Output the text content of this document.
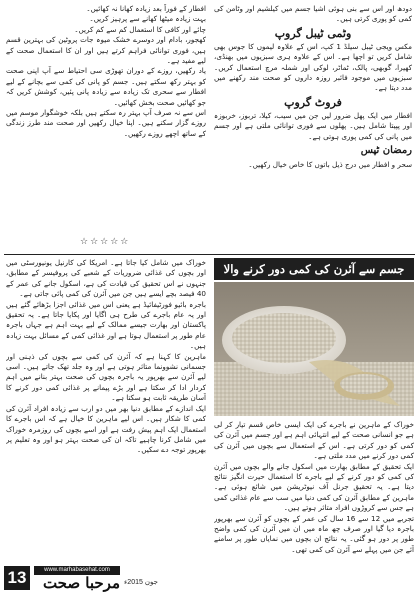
دودھ اور اس سے بنی ہوئی اشیا جسم میں کیلشیم اور وٹامن کی کمی کو پوری کرتی ہیں۔

وٹمی ٹیبل گروپ

مکس ویجی ٹیبل سیلڈ 1 کپ، اس کے علاوہ لیموں کا جوس بھی شامل کریں تو اچھا ہے۔ اس کے علاوہ ہری سبزیوں میں بھنڈی، کھیرا، گوبھی، پالک، ٹماٹر، لوکی اور شملہ مرچ استعمال کریں۔ سبزیوں میں موجود فائبر روزہ داروں کو صحت مند رکھنے میں مدد دیتا ہے۔

فروٹ گروپ

افطار میں ایک پھل ضرور لیں جن میں سیب، کیلا، تربوز، خربوزہ اور پپیتا شامل ہیں۔ پھلوں سے فوری توانائی ملتی ہے اور جسم میں پانی کی کمی پوری ہوتی ہے۔

رمضان ٹپس

سحر و افطار میں درج ذیل باتوں کا خاص خیال رکھیں۔

افطار کے فوراً بعد زیادہ کھانا نہ کھائیں۔

بہت زیادہ میٹھا کھانے سے پرہیز کریں۔

چائے اور کافی کا استعمال کم سے کم کریں۔

کھجور، بادام اور دوسرے خشک میوہ جات پروٹین کی بہترین قسم ہیں، فوری توانائی فراہم کرتے ہیں اور ان کا استعمال صحت کے لیے مفید ہے۔

یاد رکھیں، روزے کے دوران تھوڑی سی احتیاط سے آپ اپنی صحت کو بہتر رکھ سکتے ہیں۔ جسم کو پانی کی کمی سے بچانے کے لیے افطار سے سحری تک زیادہ سے زیادہ پانی پئیں، کوشش کریں کہ جو کھائیں صحت بخش کھائیں۔

اس سے نہ صرف آپ بہتر رہ سکتے ہیں بلکہ خوشگوار موسم میں روزے گزار سکتے ہیں۔ اپنا خیال رکھیں اور صحت مند طرز زندگی کے ساتھ اچھے روزے رکھیں۔

☆☆☆☆☆
جسم سے آئرن کی کمی دور کرنے والا

خوراک کے ماہرین نے باجرے کی ایک ایسی خاص قسم تیار کر لی ہے جو انسانی صحت کے لیے انتہائی اہم ہے اور جسم میں آئرن کی کمی کو دور کرتی ہے۔ اس کے استعمال سے بچوں میں آئرن کی کمی دور کرنے میں مدد ملتی ہے۔

ایک تحقیق کے مطابق بھارت میں اسکول جانے والے بچوں میں آئرن کی کمی کو دور کرنے کے لیے باجرے کا استعمال حیرت انگیز نتائج دیتا ہے۔ یہ تحقیق جرنل آف نیوٹریشن میں شائع ہوئی ہے۔ ماہرین کے مطابق آئرن کی کمی دنیا میں سب سے عام غذائی کمی ہے جس سے کروڑوں افراد متاثر ہوتے ہیں۔

تجربے میں 12 سے 16 سال کی عمر کے بچوں کو آئرن سے بھرپور باجرہ دیا گیا اور صرف چھ ماہ میں ان میں آئرن کی کمی واضح طور پر دور ہو گئی۔ یہ نتائج ان بچوں میں نمایاں طور پر سامنے آئے جن میں پہلے سے آئرن کی کمی تھی۔

خوراک میں شامل کیا جاتا ہے۔ امریکا کی کارنیل یونیورسٹی میں اور بچوں کی غذائی ضروریات کے شعبے کی پروفیسر کے مطابق، جنہوں نے اس تحقیق کی قیادت کی ہے، اسکول جانے کی عمر کے 40 فیصد بچے ایسے ہیں جن میں آئرن کی کمی پائی جاتی ہے۔

باجرہ بائیو فورٹیفائیڈ ہے یعنی اس میں غذائی اجزا بڑھائے گئے ہیں اور یہ عام باجرے کی طرح ہی اگایا اور پکایا جاتا ہے۔ یہ تحقیق پاکستان اور بھارت جیسے ممالک کے لیے بہت اہم ہے جہاں باجرہ عام طور پر استعمال ہوتا ہے اور غذائی کمی کے مسائل بہت زیادہ ہیں۔

ماہرین کا کہنا ہے کہ آئرن کی کمی سے بچوں کی ذہنی اور جسمانی نشوونما متاثر ہوتی ہے اور وہ جلد تھک جاتے ہیں۔ اسی لیے آئرن سے بھرپور یہ باجرہ بچوں کی صحت بہتر بنانے میں اہم کردار ادا کر سکتا ہے اور بڑے پیمانے پر غذائی کمی دور کرنے کا آسان طریقہ ثابت ہو سکتا ہے۔

ایک اندازے کے مطابق دنیا بھر میں دو ارب سے زیادہ افراد آئرن کی کمی کا شکار ہیں۔ اس لیے ماہرین کا خیال ہے کہ اس باجرے کا استعمال ایک اہم پیش رفت ہے اور اسے بچوں کی روزمرہ خوراک میں شامل کرنا چاہیے تاکہ ان کی صحت بہتر ہو اور وہ تعلیم پر بھرپور توجہ دے سکیں۔

13	www.marhabasehat.com
مرحبا صحت جون 2015ء
